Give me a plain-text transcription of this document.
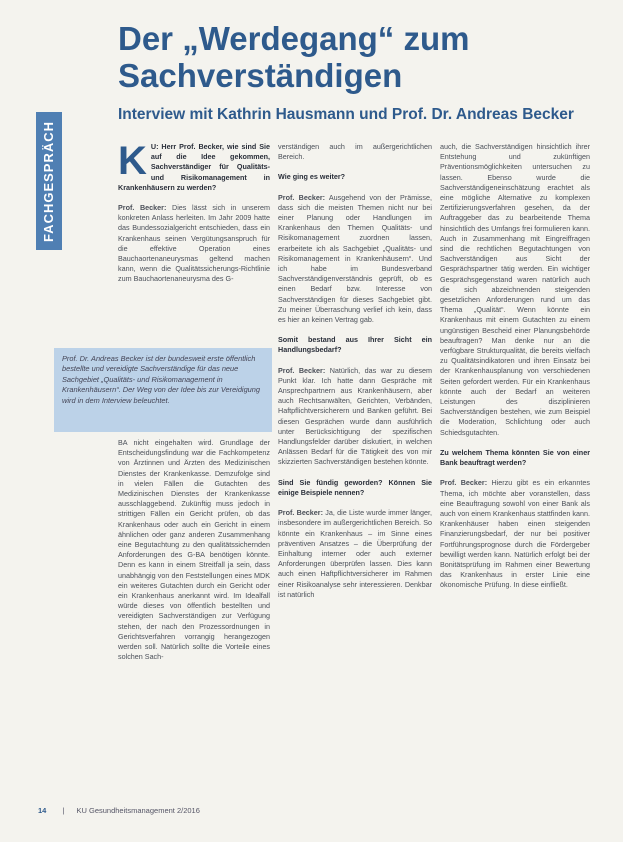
FACHGESPRÄCH
Der „Werdegang“ zum
Sachverständigen
Interview mit Kathrin Hausmann und Prof. Dr. Andreas Becker

K U: Herr Prof. Becker, wie sind Sie auf die Idee gekommen, Sachverständiger für Qualitäts- und Risikomanagement in Krankenhäusern zu werden?

Prof. Becker: Dies lässt sich in unserem konkreten Anlass herleiten. Im Jahr 2009 hatte das Bundessozialgericht entschieden, dass ein Krankenhaus seinen Vergütungsanspruch für die effektive Operation eines Bauchaortenaneurysmas geltend machen kann, wenn die Qualitätssicherungs-Richtlinie zum Bauchaortenaneurysma des G-

Prof. Dr. Andreas Becker ist der bundesweit erste öffentlich bestellte und vereidigte Sachverständige für das neue Sachgebiet „Qualitäts- und Risikomanagement in Krankenhäusern“. Der Weg von der Idee bis zur Vereidigung wird in dem Interview beleuchtet.

BA nicht eingehalten wird. Grundlage der Entscheidungsfindung war die Fachkompetenz von Ärztinnen und Ärzten des Medizinischen Dienstes der Krankenkasse. Demzufolge sind in vielen Fällen die Gutachten des Medizinischen Dienstes der Krankenkasse ausschlaggebend. Zukünftig muss jedoch in strittigen Fällen ein Gericht prüfen, ob das Krankenhaus oder auch ein Gericht in einem ähnlichen oder ganz anderen Zusammenhang eine Begutachtung zu den qualitätssichernden Anforderungen des G-BA benötigen könnte. Denn es kann in einem Streitfall ja sein, dass unabhängig von den Feststellungen eines MDK ein weiteres Gutachten durch ein Gericht oder ein Krankenhaus anerkannt wird. Im Idealfall würde dieses von öffentlich bestellten und vereidigten Sachverständigen zur Verfügung stehen, der nach den Prozessordnungen in Gerichtsverfahren vorrangig herangezogen werden soll. Natürlich sollte die Vorteile eines solchen Sach-

verständigen auch im außergerichtlichen Bereich.

Wie ging es weiter?

Prof. Becker: Ausgehend von der Prämisse, dass sich die meisten Themen nicht nur bei einer Planung oder Handlungen im Krankenhaus den Themen Qualitäts- und Risikomanagement zuordnen lassen, erarbeitete ich als Sachgebiet „Qualitäts- und Risikomanagement in Krankenhäusern“. Und ich habe im Bundesverband Sachverständigenverständnis geprüft, ob es einen Bedarf bzw. Interesse von Sachverständigen für dieses Sachgebiet gibt. Zu meiner Überraschung verlief ich kein, dass es hier an keinen Vertrag gab.

Somit bestand aus Ihrer Sicht ein Handlungsbedarf?

Prof. Becker: Natürlich, das war zu diesem Punkt klar. Ich hatte dann Gespräche mit Ansprechpartnern aus Krankenhäusern, aber auch Rechtsanwälten, Gerichten, Verbänden, Haftpflichtversicherern und Banken geführt. Bei diesen Gesprächen wurde dann ausführlich unter Berücksichtigung der spezifischen Handlungsfelder darüber diskutiert, in welchen Anlässen Bedarf für die Tätigkeit des von mir skizzierten Sachverständigen bestehen könnte.

Sind Sie fündig geworden? Können Sie einige Beispiele nennen?

Prof. Becker: Ja, die Liste wurde immer länger, insbesondere im außergerichtlichen Bereich. So könnte ein Krankenhaus – im Sinne eines präventiven Ansatzes – die Überprüfung der Einhaltung interner oder auch externer Anforderungen überprüfen lassen. Dies kann auch einen Haftpflichtversicherer im Rahmen einer Risikoanalyse sehr interessieren. Denkbar ist natürlich

auch, die Sachverständigen hinsichtlich ihrer Entstehung und zukünftigen Präventionsmöglichkeiten untersuchen zu lassen. Ebenso wurde die Sachverständigeneinschätzung erachtet als eine mögliche Alternative zu komplexen Zertifizierungsverfahren gesehen, da der Auftraggeber das zu bearbeitende Thema hinsichtlich des Umfangs frei formulieren kann. Auch in Zusammenhang mit Eingreiffragen sind die rechtlichen Begutachtungen von Sachverständigen aus Sicht der Gesprächspartner tätig werden. Ein wichtiger Gesprächsgegenstand waren natürlich auch die sich abzeichnenden steigenden gesetzlichen Anforderungen rund um das Thema „Qualität“. Wenn könnte ein Krankenhaus mit einem Gutachten zu einem ungünstigen Bescheid einer Planungsbehörde beauftragen? Man denke nur an die verfügbare Strukturqualität, die bereits vielfach zu Qualitätsindikatoren und ihren Einsatz bei der Krankenhausplanung von verschiedenen Seiten gefordert werden. Für ein Krankenhaus könnte auch der Bedarf an weiteren Leistungen des disziplinieren Sachverständigen bestehen, wie zum Beispiel die Moderation, Schlichtung oder auch Schiedsgutachten.

Zu welchem Thema könnten Sie von einer Bank beauftragt werden?

Prof. Becker: Hierzu gibt es ein erkanntes Thema, ich möchte aber voranstellen, dass eine Beauftragung sowohl von einer Bank als auch von einem Krankenhaus stattfinden kann. Krankenhäuser haben einen steigenden Finanzierungsbedarf, der nur bei positiver Fortführungsprognose durch die Fördergeber bewilligt werden kann. Natürlich erfolgt bei der Bonitätsprüfung im Rahmen einer Bewertung das Krankenhaus in erster Linie eine ökonomische Prüfung. In diese einfließt.

14 | KU Gesundheitsmanagement 2/2016
